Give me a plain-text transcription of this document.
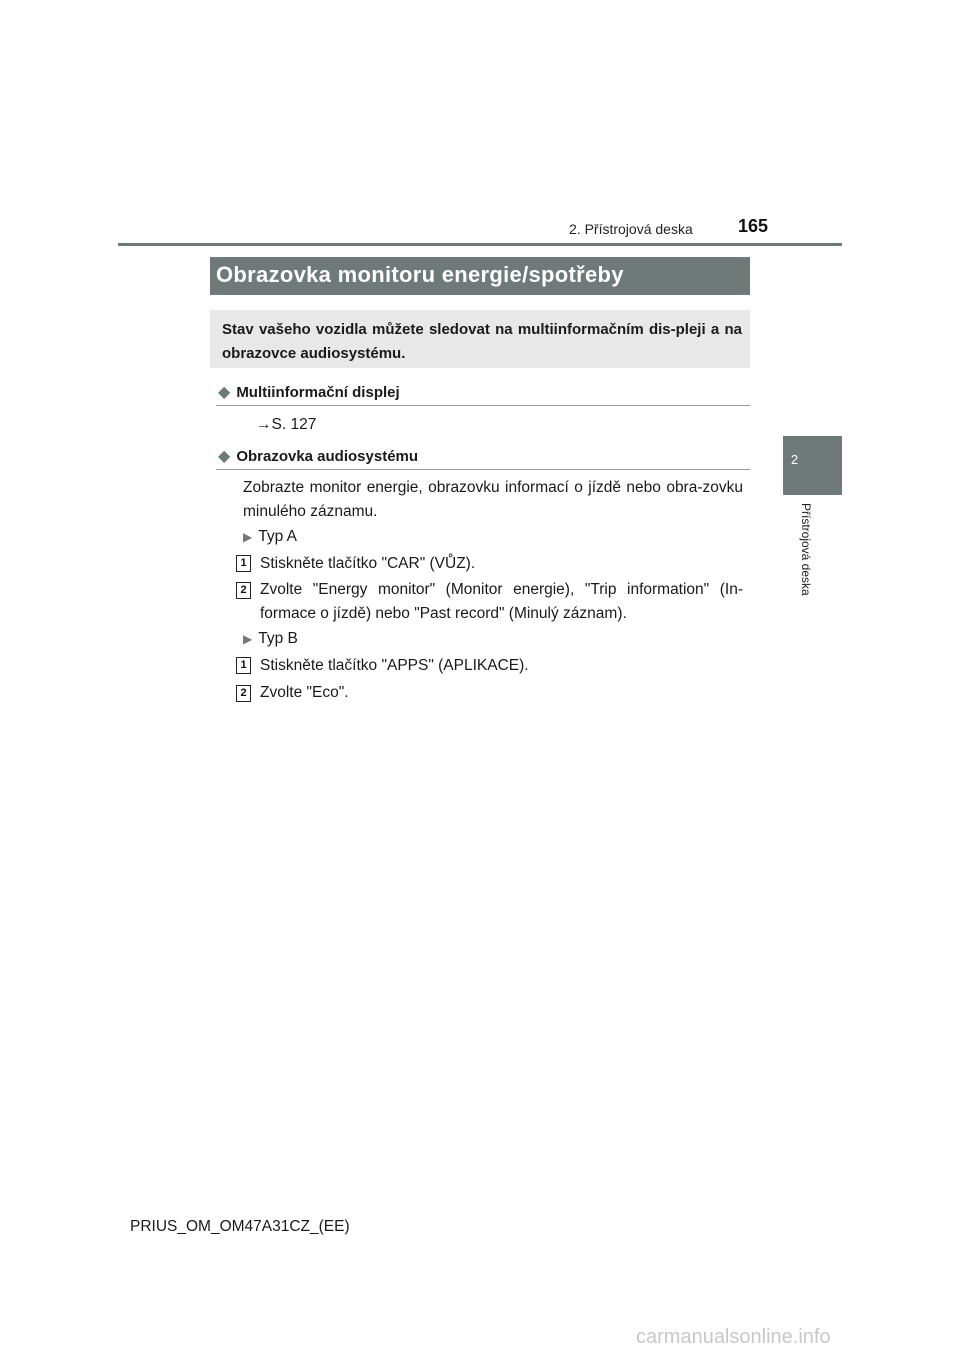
2. Přístrojová deska	165
2
Přístrojová deska
Obrazovka monitoru energie/spotřeby
Stav vašeho vozidla můžete sledovat na multiinformačním dis-pleji a na obrazovce audiosystému.
◆ Multiinformační displej
→S. 127
◆ Obrazovka audiosystému
Zobrazte monitor energie, obrazovku informací o jízdě nebo obra-zovku minulého záznamu.
▶ Typ A
1 Stiskněte tlačítko "CAR" (VŮZ).
2 Zvolte "Energy monitor" (Monitor energie), "Trip information" (In-formace o jízdě) nebo "Past record" (Minulý záznam).
▶ Typ B
1 Stiskněte tlačítko "APPS" (APLIKACE).
2 Zvolte "Eco".
PRIUS_OM_OM47A31CZ_(EE)
carmanualsonline.info
